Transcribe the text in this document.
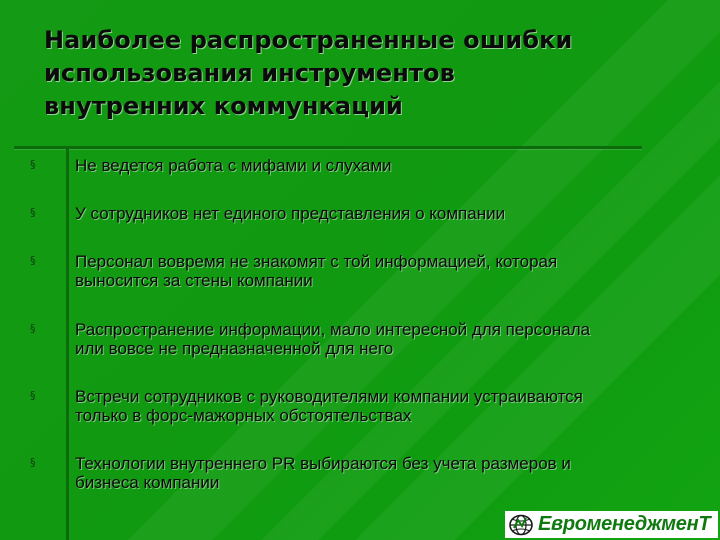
Наиболее распространенные ошибки
использования инструментов
внутренних коммункаций
§ Не ведется работа с мифами и слухами
§ У сотрудников нет единого представления о компании
§ Персонал вовремя не знакомят с той информацией, которая
выносится за стены компании
§ Распространение информации, мало интересной для персонала
или вовсе не предназначенной для него
§ Встречи сотрудников с руководителями компании устраиваются
только в форс-мажорных обстоятельствах
§ Технологии внутреннего PR выбираются без учета размеров и
бизнеса компании
ЕвроменеджменТ
